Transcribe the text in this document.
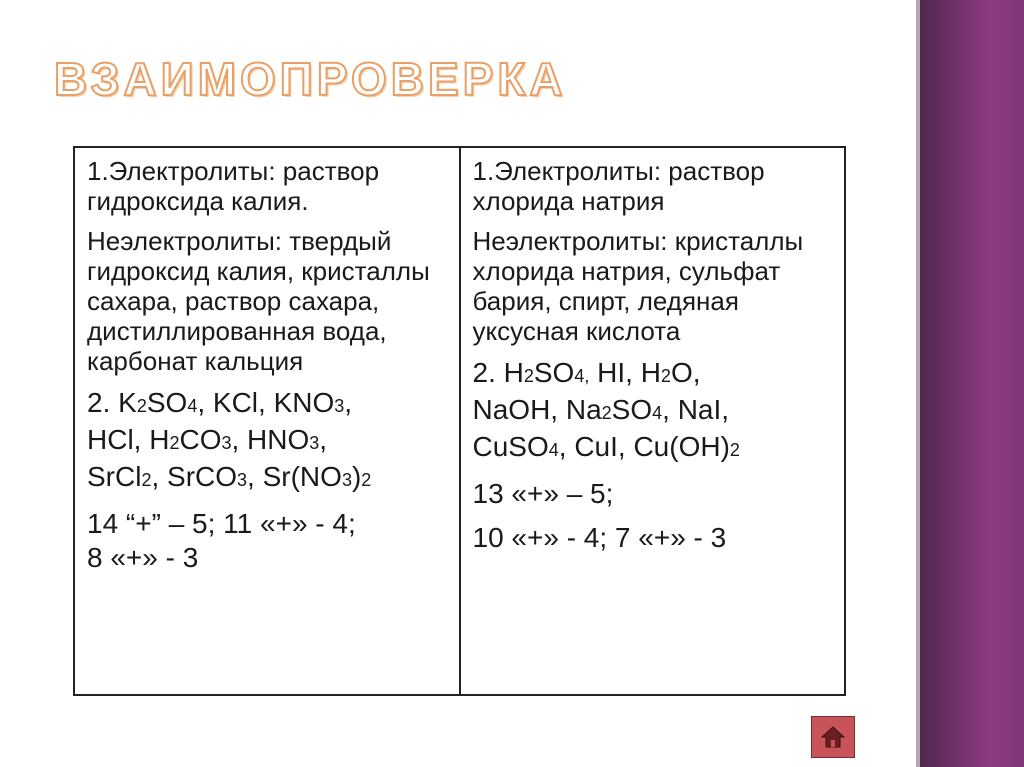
ВЗАИМОПРОВЕРКА

1.Электролиты: раствор гидроксида калия.

Неэлектролиты: твердый гидроксид калия, кристаллы сахара, раствор сахара, дистиллированная вода, карбонат кальция

2. K2SO4, KCl, KNO3,
HCl, H2CO3, HNO3,
SrCl2, SrCO3, Sr(NO3)2

14 “+” – 5; 11 «+» - 4;
8 «+» - 3

1.Электролиты: раствор хлорида натрия

Неэлектролиты: кристаллы хлорида натрия, сульфат бария, спирт, ледяная уксусная кислота

2. H2SO4, HI, H2O,
NaOH, Na2SO4, NaI,
CuSO4, CuI, Cu(OH)2

13 «+» – 5;

10 «+» - 4; 7 «+» - 3
